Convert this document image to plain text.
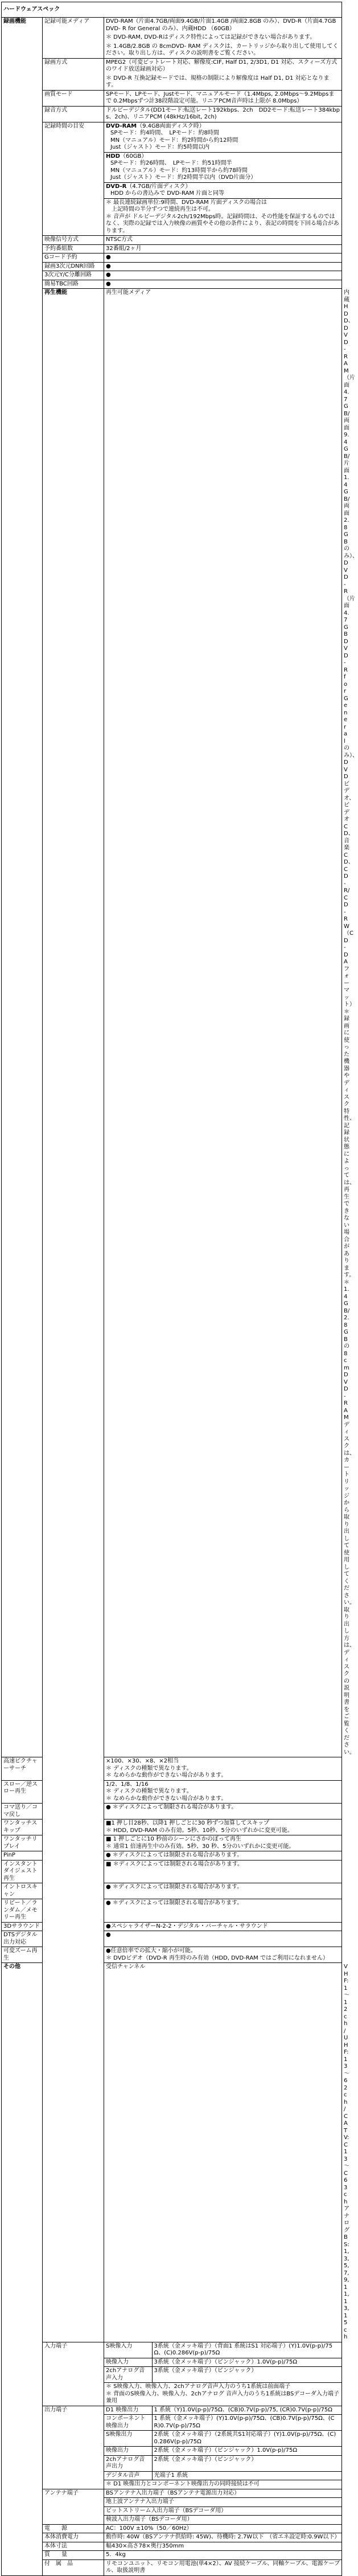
ハードウェアスペック
録画機能	記録可能メディア	DVD-RAM（片面4.7GB/両面9.4GB/片面1.4GB /両面2.8GB のみ）、DVD-R（片面4.7GB DVD- R for General のみ）、内蔵HDD （60GB）
＊ DVD-RAM, DVD-Rはディスク特性によっては記録ができない場合があります。
＊ 1.4GB/2.8GB の 8cmDVD- RAM ディスクは、カートリッジから取り出して使用してください。取り出し方は、ディスクの説明書をご覧ください。

録画方式	MPEG2（可変ビットレート対応、解像度:CIF, Half D1, 2/3D1, D1 対応、スクィーズ方式のワイド放送録画対応）
＊ DVD-R 互換記録モードでは、規格の制限により解像度は Half D1, D1 対応となります。

画質モード	SPモード、LPモード、Justモード、マニュアルモード（1.4Mbps, 2.0Mbps～9.2Mbpsまで 0.2Mbpsずつ計38段階設定可能。リニアPCM音声時は上限が 8.0Mbps）
録音方式	ドルビーデジタル(DD1モード:転送レート192kbps、2ch　DD2モード:転送レート384kbps、2ch)、リニアPCM (48kHz/16bit, 2ch)
記録時間の目安	DVD-RAM（9.4GB両面ディスク時）

SPモード：約4時間、　LPモード：約8時間
MN（マニュアル）モード：約2時間から約12時間
Just（ジャスト）モード：約5時間以内
HDD（60GB）

SPモード：約26時間、　LPモード：約51時間半
MN（マニュアル）モード：約13時間半から約78時間
Just（ジャスト）モード：約2時間半以内（DVD片面分）
DVD-R（4.7GB/片面ディスク）

HDD からの書込みで DVD-RAM 片面と同等
＊ 最長連続録画単位:9時間、DVD-RAM 片面ディスクの場合は
　上記時間の半分ずつで連続再生は不可。
＊ 音声が ドルビーデジタル2ch/192Mbps時。記録時間は、その性能を保証するものではなく、実際の記録では入力映像の画質やその他の条件により、表記の時間を下回る場合があります。

映像信号方式	NTSC方式
予約番組数	32番組/2ヶ月
Gコード予約	●
録画3次元DNR回路	●
3次元Y/C分離回路	●
簡易TBC回路	●
再生機能	再生可能メディア	内蔵 HDD、DVD- RAM（片面4.7GB/両面9.4GB/片面1.4GB/両面2.8GB のみ）、DVD-R（片面4.7GB DVD-R for General のみ）、DVDビデオ、ビデオCD、音楽CD、CD-R/CD-RW（CD-DA フォーマット）
＊ 録画に使った機器やディスク特性、記録状態によっては、再生できない場合があります。＊1.4GB/2.8GB の 8cmDVD- RAM ディスクは、カートリッジから取り出して使用してください。取り出し方は、ディスクの説明書をご覧ください。

高速ピクチャーサーチ	×100、×30、×8、×2相当
＊ ディスクの種類で異なります。
＊ なめらかな動作ができない場合があります。
スロー／逆スロー再生	1/2、1/8、1/16
＊ ディスクの種類で異なります。
＊ なめらかな動作ができない場合があります。
コマ送り／コマ戻し	● ＊ディスクによって制限される場合があります。
ワンタッチスキップ	■1 押し目28秒、以降1 押しごとに30 秒ずつ加算してスキップ
＊ HDD, DVD-RAM のみ有効。5秒、10秒、5分のいずれかに変更可能。
ワンタッチリプレイ	■ 1 押しごとに10 秒前のシーンにさかのぼって再生
＊ 通常1 倍速再生中のみ有効。5秒、30 秒、5分のいずれかに変更可能。
PinP	● ＊ディスクによっては制限される場合があります。
インスタントダイジェスト再生	■ ＊ディスクによっては制限される場合があります。
イントロスキャン	● ＊ディスクによっては制限される場合があります。
リピート／ランダム／メモリー再生	● ＊ディスクによっては制限される場合があります。
3Dサラウンド	●スペシャライザーN-2-2・デジタル・バーチャル・サラウンド
DTSデジタル出力対応	●
可変ズーム再生	●任意倍率での拡大・縮小が可能。
＊ DVDビデオ（DVD-R 再生時のみ有効（HDD, DVD-RAM ではご利用になれません）
その他	受信チャンネル	VHF: 1～12ch / UHF: 13～62ch / CATV: C13～C63ch
アナログBS: 1, 3, 5, 7, 9, 11, 13, 15ch
入力端子		S映像入力	3系統（金メッキ端子）（背面1 系統はS1 対応端子）(Y)1.0V(p-p)/75Ω、(C)0.286V(p-p)/75Ω
映像入力	3系統（金メッキ端子）（ピンジャック）1.0V(p-p)/75Ω
2chアナログ音声入力	3系統（金メッキ端子）（ピンジャック）
＊ S映像入力、映像入力、2chアナログ音声入力のうち1系統は前面端子
＊ 背面のS映像入力、映像入力、2chアナログ 音声入力のうち1系統はBSデコーダ入力端子兼用

出力端子		D1 映像出力	1 系統（Y)1.0V(p-p)/75Ω、(CB)0.7V(p-p)/75, (CR)0.7V(p-p)/75Ω
コンポーネント映像出力	1 系統（金メッキ端子）(Y)1.0V(p-p)/75Ω、(CB)0.7V(p-p)/75Ω、(CR)0.7V(p-p)/75Ω
S映像出力	2系統（金メッキ端子）（2系統共S1対応端子）(Y)1.0V(p-p)/75Ω、(C)0.286V(p-p)/75Ω
映像出力	2系統（金メッキ端子）（ピンジャック）1.0V(p-p)/75Ω
2chアナログ音声出力	2系統（金メッキ端子）（ピンジャック）
デジタル音声	光端子1 系統
＊ D1 映像出力とコンポーネント映像出力の同時接続は不可

アンテナ端子		BSアンテナ入出力端子（BSアンテナ電源出力対応）
地上波アンテナ入出力端子
ビットストリーム入出力端子（BSデコーダ用）
検波入出力端子（BSデコーダ用）

電　　源	AC：100V ±10%（50／60Hz）
本体消費電力	動作時: 40W（BSアンテナ供給時: 45W)、待機時: 2.7W以下　（省エネ設定時:0.9W以下）
本体寸法	幅430×高さ78×奥行350mm
質　　量	5．4kg
付　属　品	リモコンユニット、リモコン用電池(単4×2）、AV 接続ケーブル、同軸ケーブル、電源ケーブル、取扱説明書
